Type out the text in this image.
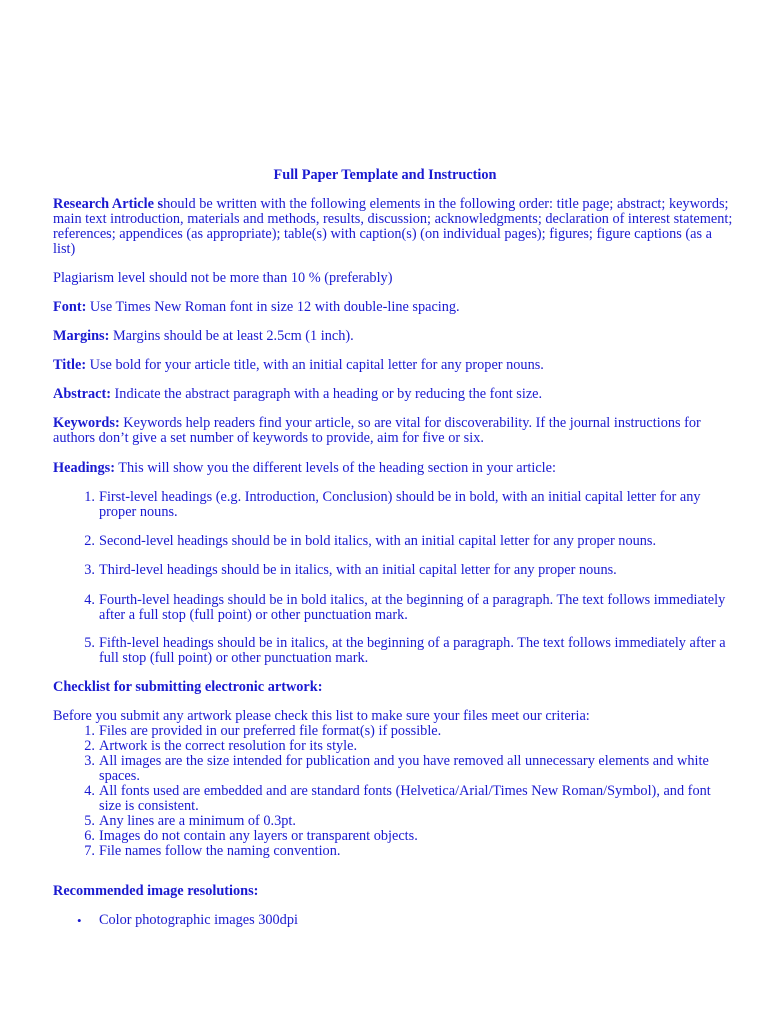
Full Paper Template and Instruction
Research Article should be written with the following elements in the following order: title page; abstract; keywords; main text introduction, materials and methods, results, discussion; acknowledgments; declaration of interest statement; references; appendices (as appropriate); table(s) with caption(s) (on individual pages); figures; figure captions (as a list)
Plagiarism level should not be more than 10 % (preferably)
Font: Use Times New Roman font in size 12 with double-line spacing.
Margins: Margins should be at least 2.5cm (1 inch).
Title: Use bold for your article title, with an initial capital letter for any proper nouns.
Abstract: Indicate the abstract paragraph with a heading or by reducing the font size.
Keywords: Keywords help readers find your article, so are vital for discoverability. If the journal instructions for authors don’t give a set number of keywords to provide, aim for five or six.
Headings: This will show you the different levels of the heading section in your article:
1. First-level headings (e.g. Introduction, Conclusion) should be in bold, with an initial capital letter for any proper nouns.
2. Second-level headings should be in bold italics, with an initial capital letter for any proper nouns.
3. Third-level headings should be in italics, with an initial capital letter for any proper nouns.
4. Fourth-level headings should be in bold italics, at the beginning of a paragraph. The text follows immediately after a full stop (full point) or other punctuation mark.
5. Fifth-level headings should be in italics, at the beginning of a paragraph. The text follows immediately after a full stop (full point) or other punctuation mark.
Checklist for submitting electronic artwork:
Before you submit any artwork please check this list to make sure your files meet our criteria:
1. Files are provided in our preferred file format(s) if possible.
2. Artwork is the correct resolution for its style.
3. All images are the size intended for publication and you have removed all unnecessary elements and white spaces.
4. All fonts used are embedded and are standard fonts (Helvetica/Arial/Times New Roman/Symbol), and font size is consistent.
5. Any lines are a minimum of 0.3pt.
6. Images do not contain any layers or transparent objects.
7. File names follow the naming convention.
Recommended image resolutions:
• Color photographic images 300dpi
